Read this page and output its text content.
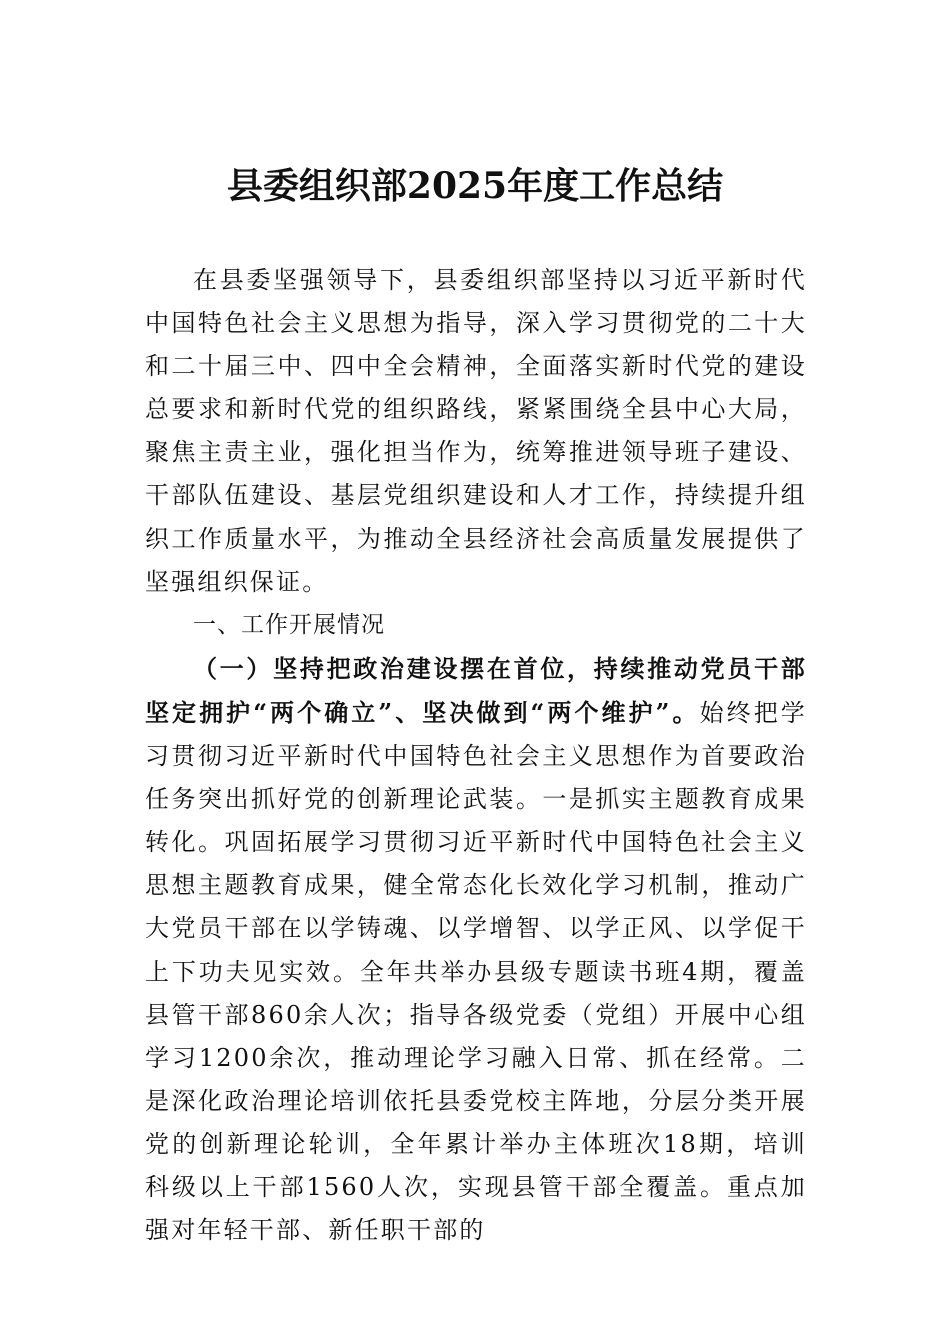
县委组织部2025年度工作总结

在县委坚强领导下，县委组织部坚持以习近平新时代中国特色社会主义思想为指导，深入学习贯彻党的二十大和二十届三中、四中全会精神，全面落实新时代党的建设总要求和新时代党的组织路线，紧紧围绕全县中心大局，聚焦主责主业，强化担当作为，统筹推进领导班子建设、干部队伍建设、基层党组织建设和人才工作，持续提升组织工作质量水平，为推动全县经济社会高质量发展提供了坚强组织保证。

一、工作开展情况

（一）坚持把政治建设摆在首位，持续推动党员干部坚定拥护“两个确立”、坚决做到“两个维护”。始终把学习贯彻习近平新时代中国特色社会主义思想作为首要政治任务突出抓好党的创新理论武装。一是抓实主题教育成果转化。巩固拓展学习贯彻习近平新时代中国特色社会主义思想主题教育成果，健全常态化长效化学习机制，推动广大党员干部在以学铸魂、以学增智、以学正风、以学促干上下功夫见实效。全年共举办县级专题读书班4期，覆盖县管干部860余人次；指导各级党委（党组）开展中心组学习1200余次，推动理论学习融入日常、抓在经常。二是深化政治理论培训依托县委党校主阵地，分层分类开展党的创新理论轮训，全年累计举办主体班次18期，培训科级以上干部1560人次，实现县管干部全覆盖。重点加强对年轻干部、新任职干部的
